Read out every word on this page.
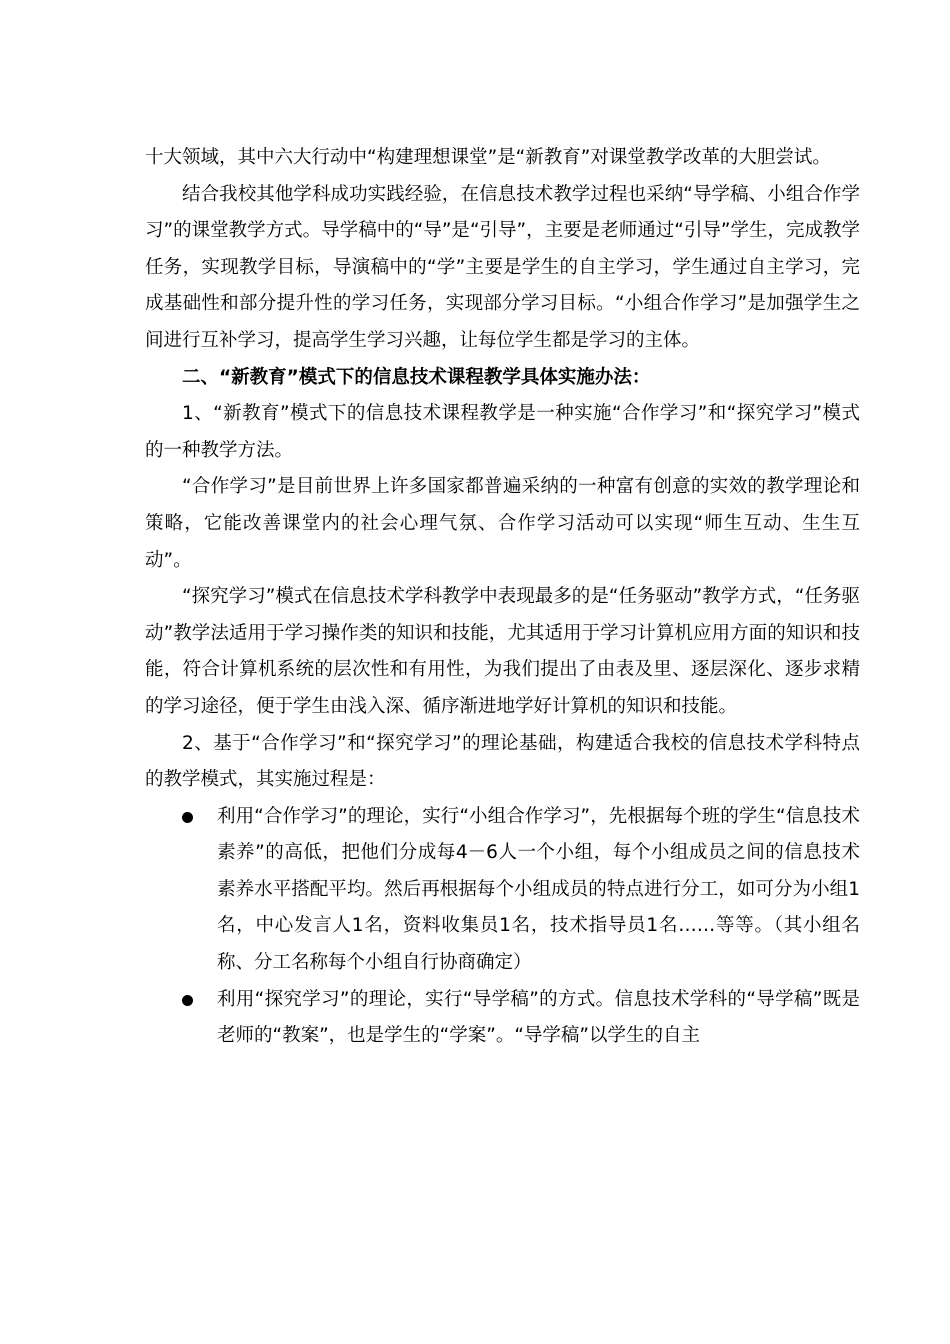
十大领域，其中六大行动中“构建理想课堂”是“新教育”对课堂教学改革的大胆尝试。

结合我校其他学科成功实践经验，在信息技术教学过程也采纳“导学稿、小组合作学习”的课堂教学方式。导学稿中的“导”是“引导”，主要是老师通过“引导”学生，完成教学任务，实现教学目标，导演稿中的“学”主要是学生的自主学习，学生通过自主学习，完成基础性和部分提升性的学习任务，实现部分学习目标。“小组合作学习”是加强学生之间进行互补学习，提高学生学习兴趣，让每位学生都是学习的主体。

二、“新教育”模式下的信息技术课程教学具体实施办法：

1、“新教育”模式下的信息技术课程教学是一种实施“合作学习”和“探究学习”模式的一种教学方法。

“合作学习”是目前世界上许多国家都普遍采纳的一种富有创意的实效的教学理论和策略，它能改善课堂内的社会心理气氛、合作学习活动可以实现“师生互动、生生互动”。

“探究学习”模式在信息技术学科教学中表现最多的是“任务驱动”教学方式，“任务驱动”教学法适用于学习操作类的知识和技能，尤其适用于学习计算机应用方面的知识和技能，符合计算机系统的层次性和有用性，为我们提出了由表及里、逐层深化、逐步求精的学习途径，便于学生由浅入深、循序渐进地学好计算机的知识和技能。

2、基于“合作学习”和“探究学习”的理论基础，构建适合我校的信息技术学科特点的教学模式，其实施过程是：

利用“合作学习”的理论，实行“小组合作学习”，先根据每个班的学生“信息技术素养”的高低，把他们分成每4－6人一个小组，每个小组成员之间的信息技术素养水平搭配平均。然后再根据每个小组成员的特点进行分工，如可分为小组1名，中心发言人1名，资料收集员1名，技术指导员1名……等等。（其小组名称、分工名称每个小组自行协商确定）
利用“探究学习”的理论，实行“导学稿”的方式。信息技术学科的“导学稿”既是老师的“教案”，也是学生的“学案”。“导学稿”以学生的自主
